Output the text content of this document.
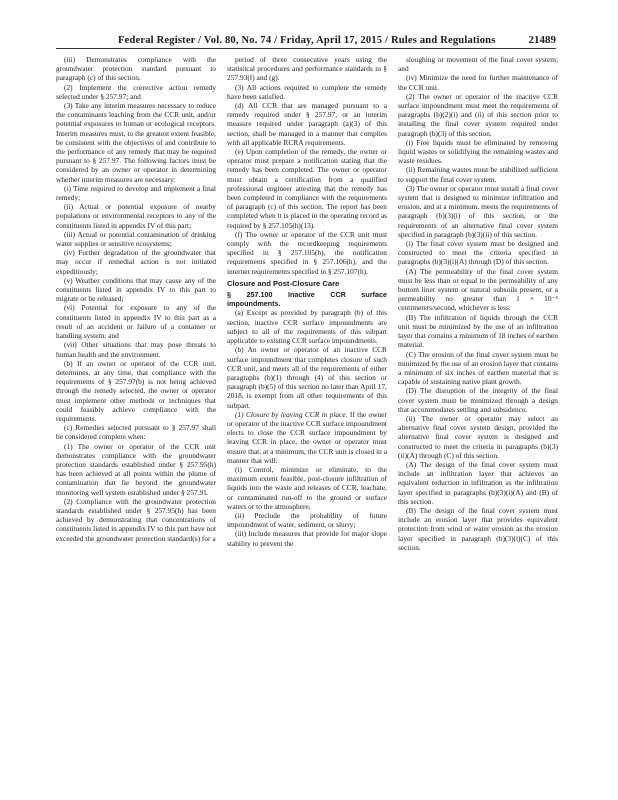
Federal Register / Vol. 80, No. 74 / Friday, April 17, 2015 / Rules and Regulations	21489

(iii) Demonstrates compliance with the groundwater protection standard pursuant to paragraph (c) of this section.

(2) Implement the corrective action remedy selected under § 257.97; and

(3) Take any interim measures necessary to reduce the contaminants leaching from the CCR unit, and/or potential exposures to human or ecological receptors. Interim measures must, to the greatest extent feasible, be consistent with the objectives of and contribute to the performance of any remedy that may be required pursuant to § 257.97. The following factors must be considered by an owner or operator in determining whether interim measures are necessary:

(i) Time required to develop and implement a final remedy;

(ii) Actual or potential exposure of nearby populations or environmental receptors to any of the constituents listed in appendix IV of this part;

(iii) Actual or potential contamination of drinking water supplies or sensitive ecosystems;

(iv) Further degradation of the groundwater that may occur if remedial action is not initiated expeditiously;

(v) Weather conditions that may cause any of the constituents listed in appendix IV to this part to migrate or be released;

(vi) Potential for exposure to any of the constituents listed in appendix IV to this part as a result of an accident or failure of a container or handling system; and

(vii) Other situations that may pose threats to human health and the environment.

(b) If an owner or operator of the CCR unit, determines, at any time, that compliance with the requirements of § 257.97(b) is not being achieved through the remedy selected, the owner or operator must implement other methods or techniques that could feasibly achieve compliance with the requirements.

(c) Remedies selected pursuant to § 257.97 shall be considered complete when:

(1) The owner or operator of the CCR unit demonstrates compliance with the groundwater protection standards established under § 257.95(h) has been achieved at all points within the plume of contamination that lie beyond the groundwater monitoring well system established under § 257.91.

(2) Compliance with the groundwater protection standards established under § 257.95(h) has been achieved by demonstrating that concentrations of constituents listed in appendix IV to this part have not exceeded the groundwater protection standard(s) for a

period of three consecutive years using the statistical procedures and performance standards in § 257.93(f) and (g).

(3) All actions required to complete the remedy have been satisfied.

(d) All CCR that are managed pursuant to a remedy required under § 257.97, or an interim measure required under paragraph (a)(3) of this section, shall be managed in a manner that complies with all applicable RCRA requirements.

(e) Upon completion of the remedy, the owner or operator must prepare a notification stating that the remedy has been completed. The owner or operator must obtain a certification from a qualified professional engineer attesting that the remedy has been completed in compliance with the requirements of paragraph (c) of this section. The report has been completed when it is placed in the operating record as required by § 257.105(h)(13).

(f) The owner or operator of the CCR unit must comply with the recordkeeping requirements specified in § 257.105(h), the notification requirements specified in § 257.106(h), and the internet requirements specified in § 257.107(h).

Closure and Post-Closure Care

§ 257.100 Inactive CCR surface impoundments.

(a) Except as provided by paragraph (b) of this section, inactive CCR surface impoundments are subject to all of the requirements of this subpart applicable to existing CCR surface impoundments.

(b) An owner or operator of an inactive CCR surface impoundment that completes closure of such CCR unit, and meets all of the requirements of either paragraphs (b)(1) through (4) of this section or paragraph (b)(5) of this section no later than April 17, 2018, is exempt from all other requirements of this subpart.

(1) Closure by leaving CCR in place. If the owner or operator of the inactive CCR surface impoundment elects to close the CCR surface impoundment by leaving CCR in place, the owner or operator must ensure that, at a minimum, the CCR unit is closed in a manner that will:

(i) Control, minimize or eliminate, to the maximum extent feasible, post-closure infiltration of liquids into the waste and releases of CCR, leachate, or contaminated run-off to the ground or surface waters or to the atmosphere;

(ii) Preclude the probability of future impoundment of water, sediment, or slurry;

(iii) Include measures that provide for major slope stability to prevent the

sloughing or movement of the final cover system; and

(iv) Minimize the need for further maintenance of the CCR unit.

(2) The owner or operator of the inactive CCR surface impoundment must meet the requirements of paragraphs (b)(2)(i) and (ii) of this section prior to installing the final cover system required under paragraph (b)(3) of this section.

(i) Free liquids must be eliminated by removing liquid wastes or solidifying the remaining wastes and waste residues.

(ii) Remaining wastes must be stabilized sufficient to support the final cover system.

(3) The owner or operator must install a final cover system that is designed to minimize infiltration and erosion, and at a minimum, meets the requirements of paragraph (b)(3)(i) of this section, or the requirements of an alternative final cover system specified in paragraph (b)(3)(ii) of this section.

(i) The final cover system must be designed and constructed to meet the criteria specified in paragraphs (b)(3)(i)(A) through (D) of this section.

(A) The permeability of the final cover system must be less than or equal to the permeability of any bottom liner system or natural subsoils present, or a permeability no greater than 1 × 10⁻⁵ centimeters/second, whichever is less.

(B) The infiltration of liquids through the CCR unit must be minimized by the use of an infiltration layer that contains a minimum of 18 inches of earthen material.

(C) The erosion of the final cover system must be minimized by the use of an erosion layer that contains a minimum of six inches of earthen material that is capable of sustaining native plant growth.

(D) The disruption of the integrity of the final cover system must be minimized through a design that accommodates settling and subsidence.

(ii) The owner or operator may select an alternative final cover system design, provided the alternative final cover system is designed and constructed to meet the criteria in paragraphs (b)(3)(ii)(A) through (C) of this section.

(A) The design of the final cover system must include an infiltration layer that achieves an equivalent reduction in infiltration as the infiltration layer specified in paragraphs (b)(3)(i)(A) and (B) of this section.

(B) The design of the final cover system must include an erosion layer that provides equivalent protection from wind or water erosion as the erosion layer specified in paragraph (b)(3)(i)(C) of this section.
